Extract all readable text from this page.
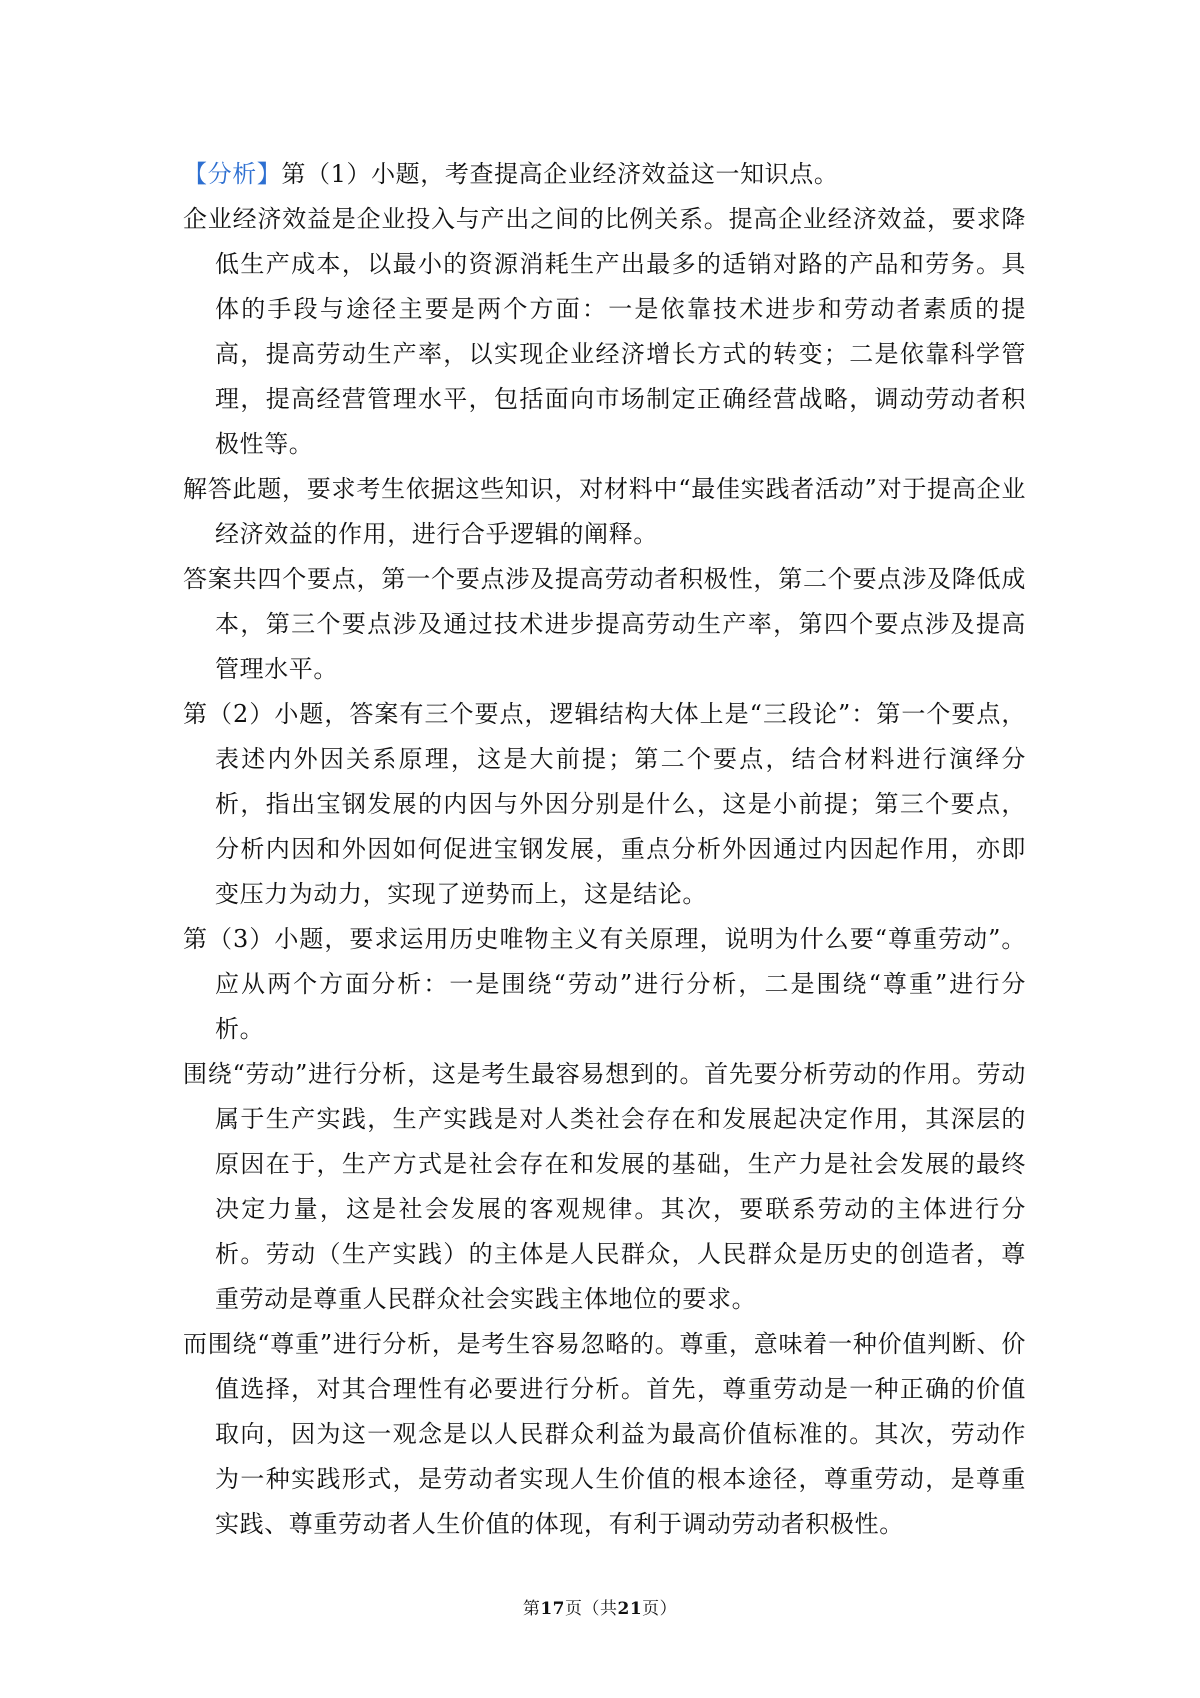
【分析】第（1）小题，考查提高企业经济效益这一知识点。

企业经济效益是企业投入与产出之间的比例关系。提高企业经济效益，要求降低生产成本，以最小的资源消耗生产出最多的适销对路的产品和劳务。具体的手段与途径主要是两个方面：一是依靠技术进步和劳动者素质的提高，提高劳动生产率，以实现企业经济增长方式的转变；二是依靠科学管理，提高经营管理水平，包括面向市场制定正确经营战略，调动劳动者积极性等。

解答此题，要求考生依据这些知识，对材料中“最佳实践者活动”对于提高企业经济效益的作用，进行合乎逻辑的阐释。

答案共四个要点，第一个要点涉及提高劳动者积极性，第二个要点涉及降低成本，第三个要点涉及通过技术进步提高劳动生产率，第四个要点涉及提高管理水平。

第（2）小题，答案有三个要点，逻辑结构大体上是“三段论”：第一个要点，表述内外因关系原理，这是大前提；第二个要点，结合材料进行演绎分析，指出宝钢发展的内因与外因分别是什么，这是小前提；第三个要点，分析内因和外因如何促进宝钢发展，重点分析外因通过内因起作用，亦即变压力为动力，实现了逆势而上，这是结论。

第（3）小题，要求运用历史唯物主义有关原理，说明为什么要“尊重劳动”。应从两个方面分析：一是围绕“劳动”进行分析，二是围绕“尊重”进行分析。

围绕“劳动”进行分析，这是考生最容易想到的。首先要分析劳动的作用。劳动属于生产实践，生产实践是对人类社会存在和发展起决定作用，其深层的原因在于，生产方式是社会存在和发展的基础，生产力是社会发展的最终决定力量，这是社会发展的客观规律。其次，要联系劳动的主体进行分析。劳动（生产实践）的主体是人民群众，人民群众是历史的创造者，尊重劳动是尊重人民群众社会实践主体地位的要求。

而围绕“尊重”进行分析，是考生容易忽略的。尊重，意味着一种价值判断、价值选择，对其合理性有必要进行分析。首先，尊重劳动是一种正确的价值取向，因为这一观念是以人民群众利益为最高价值标准的。其次，劳动作为一种实践形式，是劳动者实现人生价值的根本途径，尊重劳动，是尊重实践、尊重劳动者人生价值的体现，有利于调动劳动者积极性。

第17页（共21页）
